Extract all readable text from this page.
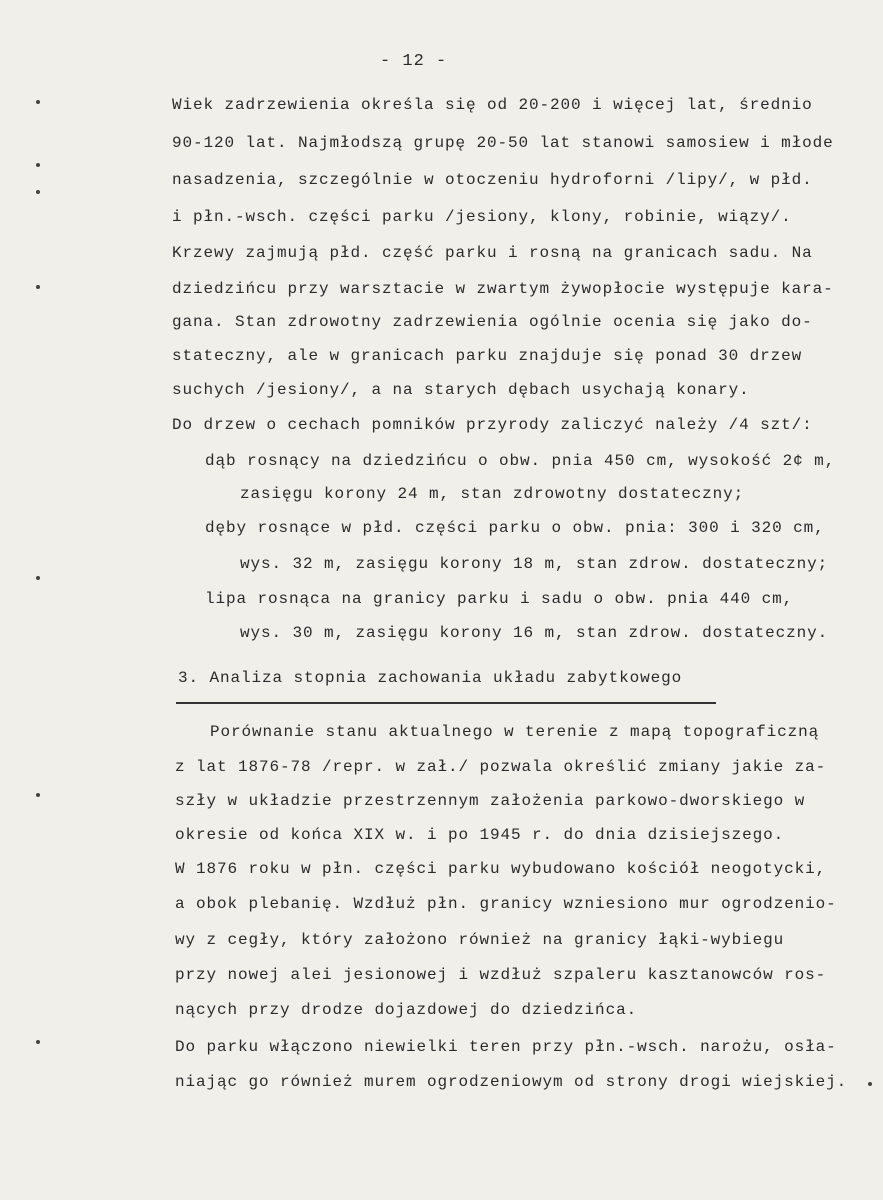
- 12 -
Wiek zadrzewienia określa się od 20-200 i więcej lat, średnio
90-120 lat. Najmłodszą grupę 20-50 lat stanowi samosiew i młode
nasadzenia, szczególnie w otoczeniu hydroforni /lipy/, w płd.
i płn.-wsch. części parku /jesiony, klony, robinie, wiązy/.
Krzewy zajmują płd. część parku i rosną na granicach sadu. Na
dziedzińcu przy warsztacie w zwartym żywopłocie występuje kara-
gana. Stan zdrowotny zadrzewienia ogólnie ocenia się jako do-
stateczny, ale w granicach parku znajduje się ponad 30 drzew
suchych /jesiony/, a na starych dębach usychają konary.
Do drzew o cechach pomników przyrody zaliczyć należy /4 szt/:
dąb rosnący na dziedzińcu o obw. pnia 450 cm, wysokość 2¢ m,
zasięgu korony 24 m, stan zdrowotny dostateczny;
dęby rosnące w płd. części parku o obw. pnia: 300 i 320 cm,
wys. 32 m, zasięgu korony 18 m, stan zdrow. dostateczny;
lipa rosnąca na granicy parku i sadu o obw. pnia 440 cm,
wys. 30 m, zasięgu korony 16 m, stan zdrow. dostateczny.
3. Analiza stopnia zachowania układu zabytkowego
Porównanie stanu aktualnego w terenie z mapą topograficzną
z lat 1876-78 /repr. w zał./ pozwala określić zmiany jakie za-
szły w układzie przestrzennym założenia parkowo-dworskiego w
okresie od końca XIX w. i po 1945 r. do dnia dzisiejszego.
W 1876 roku w płn. części parku wybudowano kościół neogotycki,
a obok plebanię. Wzdłuż płn. granicy wzniesiono mur ogrodzenio-
wy z cegły, który założono również na granicy łąki-wybiegu
przy nowej alei jesionowej i wzdłuż szpaleru kasztanowców ros-
nących przy drodze dojazdowej do dziedzińca.
Do parku włączono niewielki teren przy płn.-wsch. narożu, osła-
niając go również murem ogrodzeniowym od strony drogi wiejskiej.
